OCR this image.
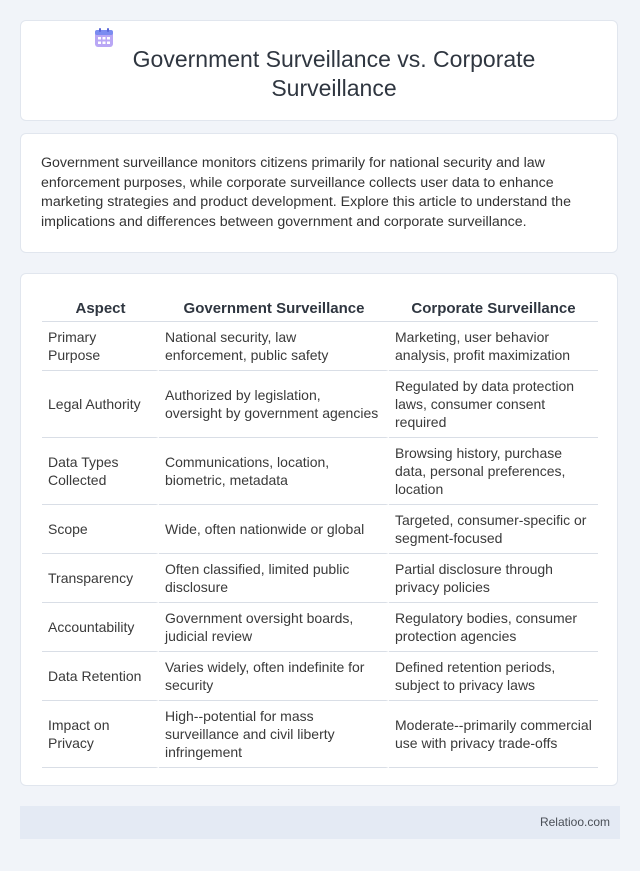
Government Surveillance vs. Corporate Surveillance

Government surveillance monitors citizens primarily for national security and law enforcement purposes, while corporate surveillance collects user data to enhance marketing strategies and product development. Explore this article to understand the implications and differences between government and corporate surveillance.

Aspect	Government Surveillance	Corporate Surveillance
Primary Purpose	National security, law enforcement, public safety	Marketing, user behavior analysis, profit maximization
Legal Authority	Authorized by legislation, oversight by government agencies	Regulated by data protection laws, consumer consent required
Data Types Collected	Communications, location, biometric, metadata	Browsing history, purchase data, personal preferences, location
Scope	Wide, often nationwide or global	Targeted, consumer-specific or segment-focused
Transparency	Often classified, limited public disclosure	Partial disclosure through privacy policies
Accountability	Government oversight boards, judicial review	Regulatory bodies, consumer protection agencies
Data Retention	Varies widely, often indefinite for security	Defined retention periods, subject to privacy laws
Impact on Privacy	High--potential for mass surveillance and civil liberty infringement	Moderate--primarily commercial use with privacy trade-offs
Relatioo.com
